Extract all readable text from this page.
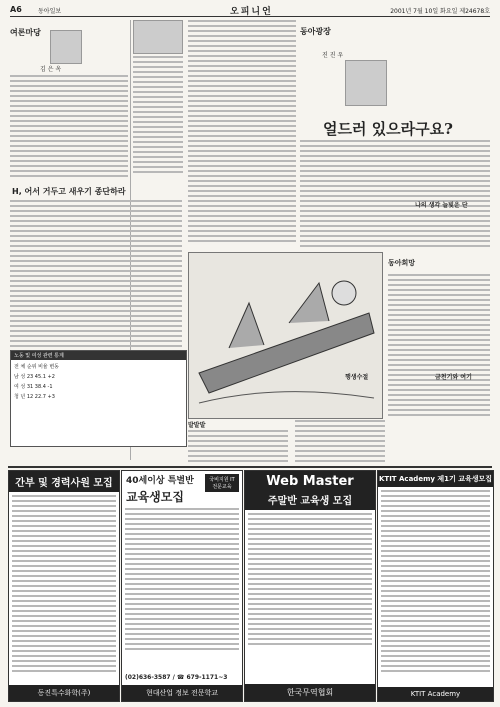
A6	동아일보	오피니언	2001년 7월 10일 화요일 제24678호
여론마당
김 은 옥
H, 어서 거두고 새우기 종단하라
노동 및 여성 관련 통계
전 체 순위 비율 변동
남 성 23 45.1 +2
여 성 31 38.4 -1
청 년 12 22.7 +3
동아광장
진 진 우
얼드러 있으라구요?
나의 생각 늘빛운 단
동아희망
발발발
행생수절	금천기와 여기
간부 및 경력사원 모집
동진특수화학(주)
40세이상 특별반
교육생모집
국비지원 IT전문교육
(02)636-3587 / ☎ 679-1171~3
현대산업 정보 전문학교
Web Master
주말반 교육생 모집
한국무역협회
KTIT Academy 제1기 교육생모집
KTIT Academy
